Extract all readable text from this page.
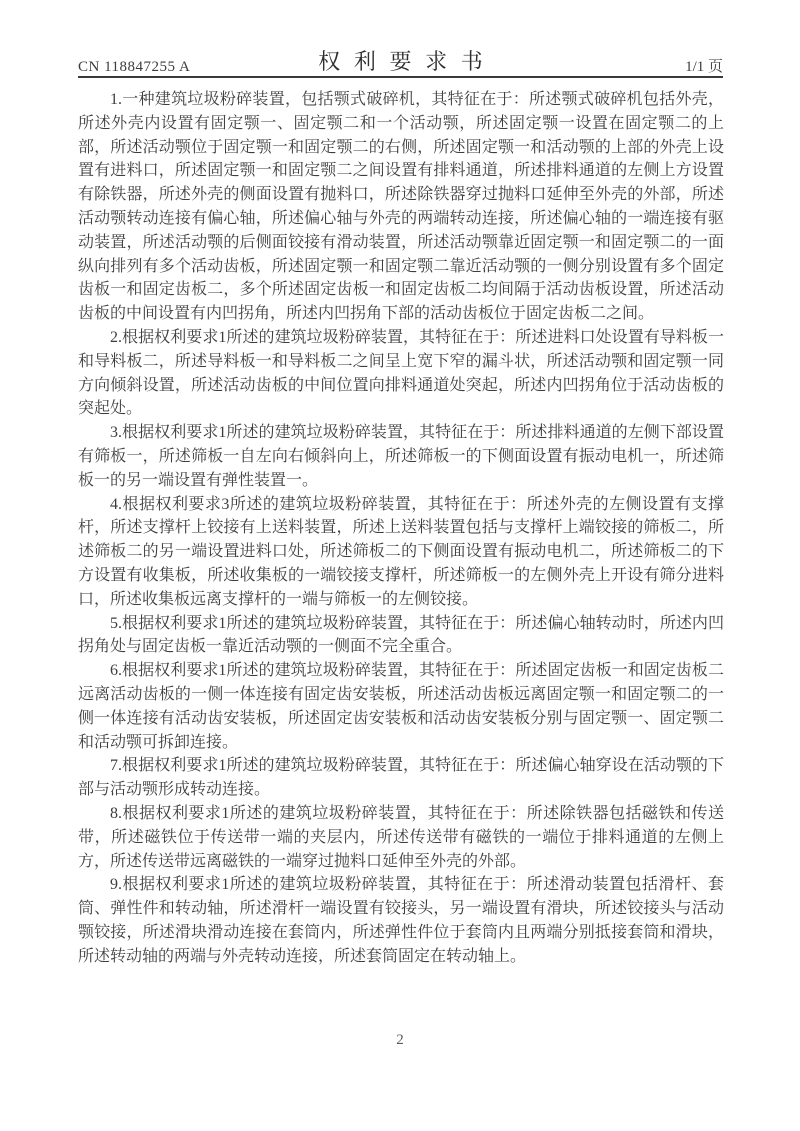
CN 118847255 A	权利要求书	1/1 页

1.一种建筑垃圾粉碎装置，包括颚式破碎机，其特征在于：所述颚式破碎机包括外壳，所述外壳内设置有固定颚一、固定颚二和一个活动颚，所述固定颚一设置在固定颚二的上部，所述活动颚位于固定颚一和固定颚二的右侧，所述固定颚一和活动颚的上部的外壳上设置有进料口，所述固定颚一和固定颚二之间设置有排料通道，所述排料通道的左侧上方设置有除铁器，所述外壳的侧面设置有抛料口，所述除铁器穿过抛料口延伸至外壳的外部，所述活动颚转动连接有偏心轴，所述偏心轴与外壳的两端转动连接，所述偏心轴的一端连接有驱动装置，所述活动颚的后侧面铰接有滑动装置，所述活动颚靠近固定颚一和固定颚二的一面纵向排列有多个活动齿板，所述固定颚一和固定颚二靠近活动颚的一侧分别设置有多个固定齿板一和固定齿板二，多个所述固定齿板一和固定齿板二均间隔于活动齿板设置，所述活动齿板的中间设置有内凹拐角，所述内凹拐角下部的活动齿板位于固定齿板二之间。

2.根据权利要求1所述的建筑垃圾粉碎装置，其特征在于：所述进料口处设置有导料板一和导料板二，所述导料板一和导料板二之间呈上宽下窄的漏斗状，所述活动颚和固定颚一同方向倾斜设置，所述活动齿板的中间位置向排料通道处突起，所述内凹拐角位于活动齿板的突起处。

3.根据权利要求1所述的建筑垃圾粉碎装置，其特征在于：所述排料通道的左侧下部设置有筛板一，所述筛板一自左向右倾斜向上，所述筛板一的下侧面设置有振动电机一，所述筛板一的另一端设置有弹性装置一。

4.根据权利要求3所述的建筑垃圾粉碎装置，其特征在于：所述外壳的左侧设置有支撑杆，所述支撑杆上铰接有上送料装置，所述上送料装置包括与支撑杆上端铰接的筛板二，所述筛板二的另一端设置进料口处，所述筛板二的下侧面设置有振动电机二，所述筛板二的下方设置有收集板，所述收集板的一端铰接支撑杆，所述筛板一的左侧外壳上开设有筛分进料口，所述收集板远离支撑杆的一端与筛板一的左侧铰接。

5.根据权利要求1所述的建筑垃圾粉碎装置，其特征在于：所述偏心轴转动时，所述内凹拐角处与固定齿板一靠近活动颚的一侧面不完全重合。

6.根据权利要求1所述的建筑垃圾粉碎装置，其特征在于：所述固定齿板一和固定齿板二远离活动齿板的一侧一体连接有固定齿安装板，所述活动齿板远离固定颚一和固定颚二的一侧一体连接有活动齿安装板，所述固定齿安装板和活动齿安装板分别与固定颚一、固定颚二和活动颚可拆卸连接。

7.根据权利要求1所述的建筑垃圾粉碎装置，其特征在于：所述偏心轴穿设在活动颚的下部与活动颚形成转动连接。

8.根据权利要求1所述的建筑垃圾粉碎装置，其特征在于：所述除铁器包括磁铁和传送带，所述磁铁位于传送带一端的夹层内，所述传送带有磁铁的一端位于排料通道的左侧上方，所述传送带远离磁铁的一端穿过抛料口延伸至外壳的外部。

9.根据权利要求1所述的建筑垃圾粉碎装置，其特征在于：所述滑动装置包括滑杆、套筒、弹性件和转动轴，所述滑杆一端设置有铰接头，另一端设置有滑块，所述铰接头与活动颚铰接，所述滑块滑动连接在套筒内，所述弹性件位于套筒内且两端分别抵接套筒和滑块，所述转动轴的两端与外壳转动连接，所述套筒固定在转动轴上。

2
